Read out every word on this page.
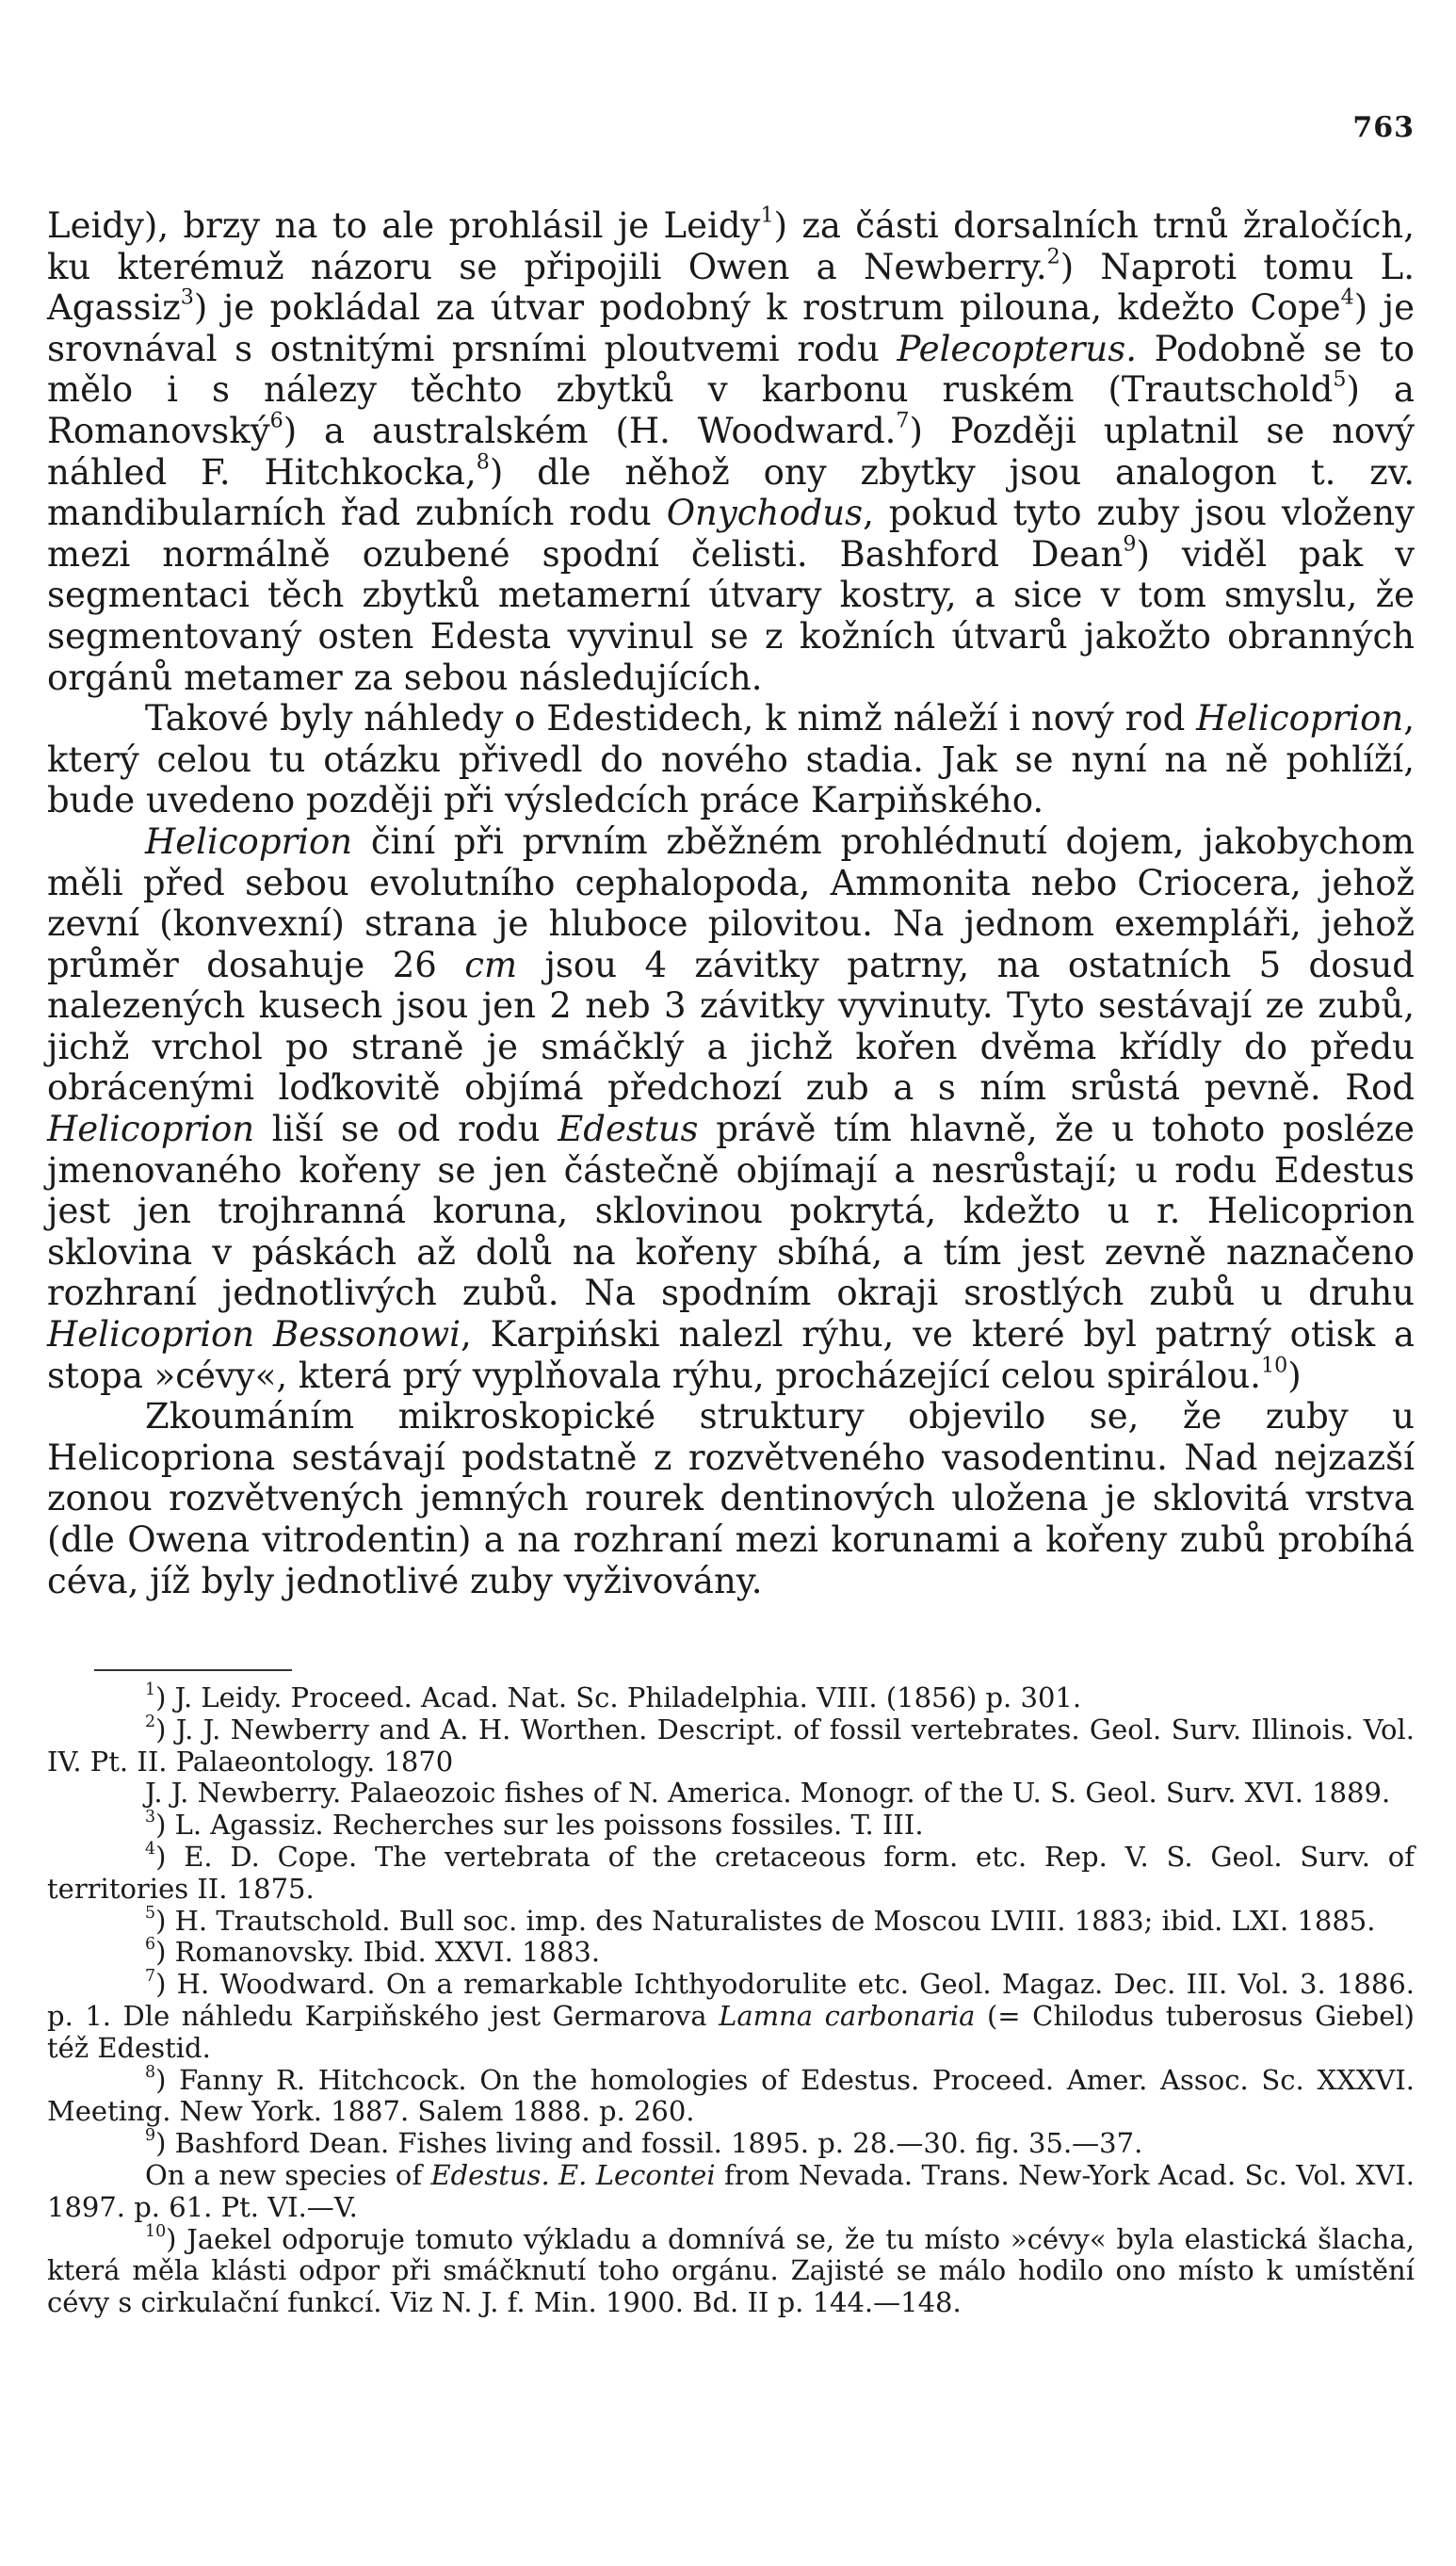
763

Leidy), brzy na to ale prohlásil je Leidy$^1$) za části dorsalních trnů žraločích, ku kterémuž názoru se připojili Owen a Newberry.$^2$) Naproti tomu L. Agassiz$^3$) je pokládal za útvar podobný k rostrum pilouna, kdežto Cope$^4$) je srovnával s ostnitými prsními ploutvemi rodu Pelecopterus. Podobně se to mělo i s nálezy těchto zbytků v karbonu ruském (Trautschold$^5$) a Romanovský$^6$) a australském (H. Woodward.$^7$) Později uplatnil se nový náhled F. Hitchkocka,$^8$) dle něhož ony zbytky jsou analogon t. zv. mandibularních řad zubních rodu Onychodus, pokud tyto zuby jsou vloženy mezi normálně ozubené spodní čelisti. Bashford Dean$^9$) viděl pak v segmentaci těch zbytků metamerní útvary kostry, a sice v tom smyslu, že segmentovaný osten Edesta vyvinul se z kožních útvarů jakožto obranných orgánů metamer za sebou následujících.

Takové byly náhledy o Edestidech, k nimž náleží i nový rod Helicoprion, který celou tu otázku přivedl do nového stadia. Jak se nyní na ně pohlíží, bude uvedeno později při výsledcích práce Karpiňského.

Helicoprion činí při prvním zběžném prohlédnutí dojem, jakobychom měli před sebou evolutního cephalopoda, Ammonita nebo Criocera, jehož zevní (konvexní) strana je hluboce pilovitou. Na jednom exempláři, jehož průměr dosahuje 26 cm jsou 4 závitky patrny, na ostatních 5 dosud nalezených kusech jsou jen 2 neb 3 závitky vyvinuty. Tyto sestávají ze zubů, jichž vrchol po straně je smáčklý a jichž kořen dvěma křídly do předu obrácenými loďkovitě objímá předchozí zub a s ním srůstá pevně. Rod Helicoprion liší se od rodu Edestus právě tím hlavně, že u tohoto posléze jmenovaného kořeny se jen částečně objímají a nesrůstají; u rodu Edestus jest jen trojhranná koruna, sklovinou pokrytá, kdežto u r. Helicoprion sklovina v páskách až dolů na kořeny sbíhá, a tím jest zevně naznačeno rozhraní jednotlivých zubů. Na spodním okraji srostlých zubů u druhu Helicoprion Bessonowi, Karpiński nalezl rýhu, ve které byl patrný otisk a stopa »cévy«, která prý vyplňovala rýhu, procházející celou spirálou.$^{10}$)

Zkoumáním mikroskopické struktury objevilo se, že zuby u Helicopriona sestávají podstatně z rozvětveného vasodentinu. Nad nejzazší zonou rozvětvených jemných rourek dentinových uložena je sklovitá vrstva (dle Owena vitrodentin) a na rozhraní mezi korunami a kořeny zubů probíhá céva, jíž byly jednotlivé zuby vyživovány.

$^1$) J. Leidy. Proceed. Acad. Nat. Sc. Philadelphia. VIII. (1856) p. 301.

$^2$) J. J. Newberry and A. H. Worthen. Descript. of fossil vertebrates. Geol. Surv. Illinois. Vol. IV. Pt. II. Palaeontology. 1870

J. J. Newberry. Palaeozoic fishes of N. America. Monogr. of the U. S. Geol. Surv. XVI. 1889.

$^3$) L. Agassiz. Recherches sur les poissons fossiles. T. III.

$^4$) E. D. Cope. The vertebrata of the cretaceous form. etc. Rep. V. S. Geol. Surv. of territories II. 1875.

$^5$) H. Trautschold. Bull soc. imp. des Naturalistes de Moscou LVIII. 1883; ibid. LXI. 1885.

$^6$) Romanovsky. Ibid. XXVI. 1883.

$^7$) H. Woodward. On a remarkable Ichthyodorulite etc. Geol. Magaz. Dec. III. Vol. 3. 1886. p. 1. Dle náhledu Karpiňského jest Germarova Lamna carbonaria (= Chilodus tuberosus Giebel) též Edestid.

$^8$) Fanny R. Hitchcock. On the homologies of Edestus. Proceed. Amer. Assoc. Sc. XXXVI. Meeting. New York. 1887. Salem 1888. p. 260.

$^9$) Bashford Dean. Fishes living and fossil. 1895. p. 28.—30. fig. 35.—37.

On a new species of Edestus. E. Lecontei from Nevada. Trans. New-York Acad. Sc. Vol. XVI. 1897. p. 61. Pt. VI.—V.

$^{10}$) Jaekel odporuje tomuto výkladu a domnívá se, že tu místo »cévy« byla elastická šlacha, která měla klásti odpor při smáčknutí toho orgánu. Zajisté se málo hodilo ono místo k umístění cévy s cirkulační funkcí. Viz N. J. f. Min. 1900. Bd. II p. 144.—148.
